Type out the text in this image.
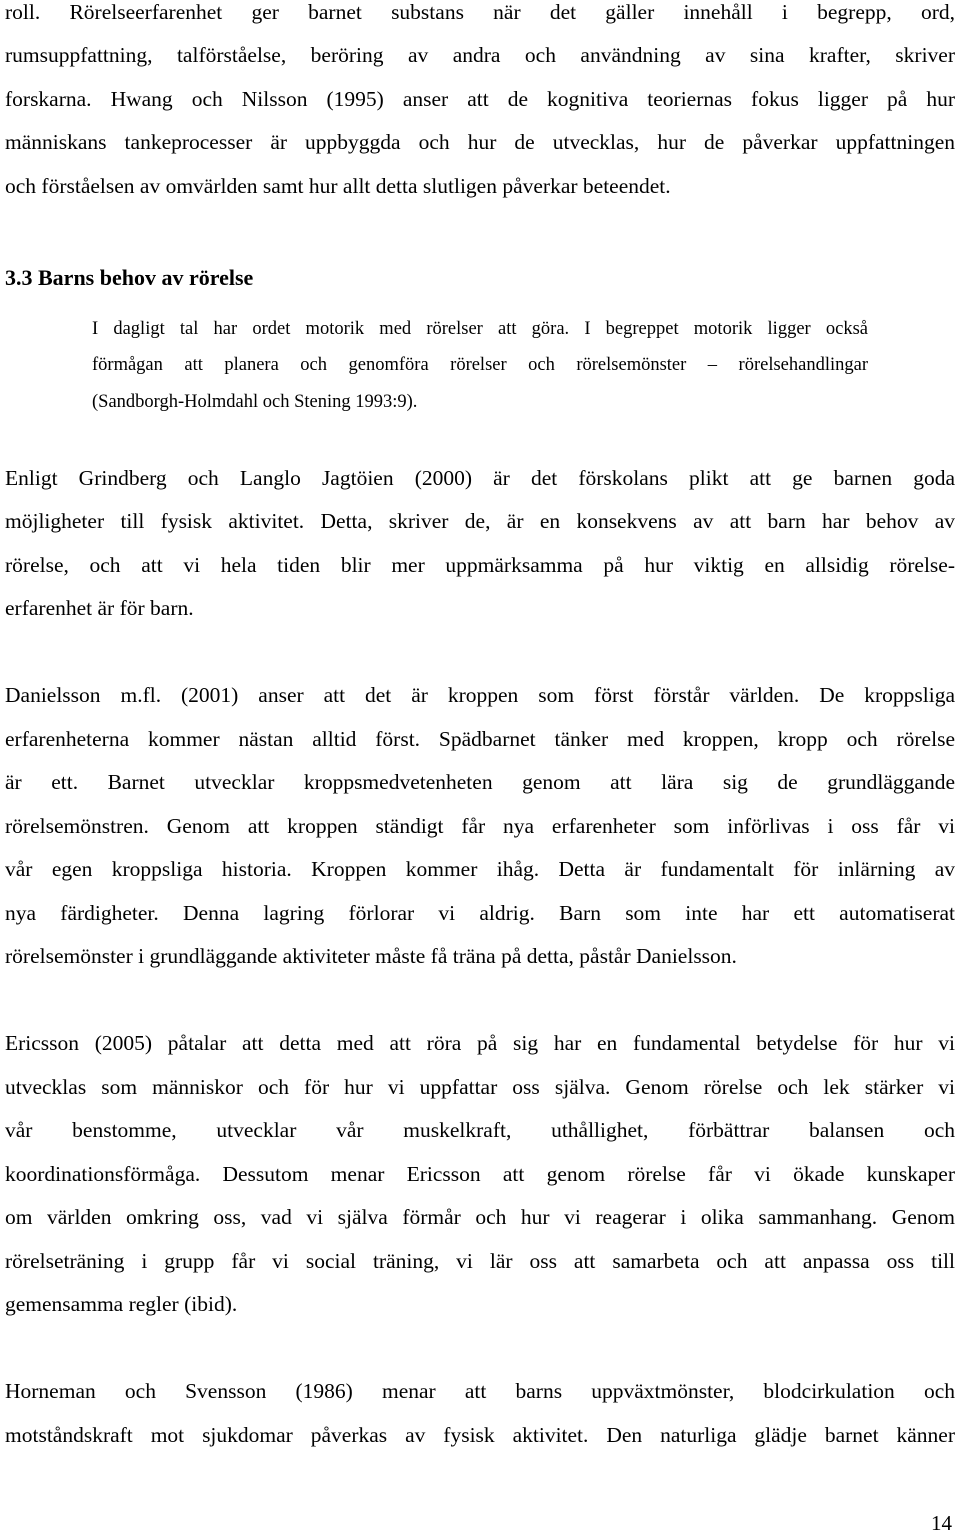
roll. Rörelseerfarenhet ger barnet substans när det gäller innehåll i begrepp, ord,

rumsuppfattning, talförståelse, beröring av andra och användning av sina krafter, skriver

forskarna. Hwang och Nilsson (1995) anser att de kognitiva teoriernas fokus ligger på hur

människans tankeprocesser är uppbyggda och hur de utvecklas, hur de påverkar uppfattningen

och förståelsen av omvärlden samt hur allt detta slutligen påverkar beteendet.

3.3 Barns behov av rörelse

I dagligt tal har ordet motorik med rörelser att göra. I begreppet motorik ligger också

förmågan att planera och genomföra rörelser och rörelsemönster – rörelsehandlingar

(Sandborgh-Holmdahl och Stening 1993:9).

Enligt Grindberg och Langlo Jagtöien (2000) är det förskolans plikt att ge barnen goda

möjligheter till fysisk aktivitet. Detta, skriver de, är en konsekvens av att barn har behov av

rörelse, och att vi hela tiden blir mer uppmärksamma på hur viktig en allsidig rörelse-

erfarenhet är för barn.

Danielsson m.fl. (2001) anser att det är kroppen som först förstår världen. De kroppsliga

erfarenheterna kommer nästan alltid först. Spädbarnet tänker med kroppen, kropp och rörelse

är ett. Barnet utvecklar kroppsmedvetenheten genom att lära sig de grundläggande

rörelsemönstren. Genom att kroppen ständigt får nya erfarenheter som införlivas i oss får vi

vår egen kroppsliga historia. Kroppen kommer ihåg. Detta är fundamentalt för inlärning av

nya färdigheter. Denna lagring förlorar vi aldrig. Barn som inte har ett automatiserat

rörelsemönster i grundläggande aktiviteter måste få träna på detta, påstår Danielsson.

Ericsson (2005) påtalar att detta med att röra på sig har en fundamental betydelse för hur vi

utvecklas som människor och för hur vi uppfattar oss själva. Genom rörelse och lek stärker vi

vår benstomme, utvecklar vår muskelkraft, uthållighet, förbättrar balansen och

koordinationsförmåga. Dessutom menar Ericsson att genom rörelse får vi ökade kunskaper

om världen omkring oss, vad vi själva förmår och hur vi reagerar i olika sammanhang. Genom

rörelseträning i grupp får vi social träning, vi lär oss att samarbeta och att anpassa oss till

gemensamma regler (ibid).

Horneman och Svensson (1986) menar att barns uppväxtmönster, blodcirkulation och

motståndskraft mot sjukdomar påverkas av fysisk aktivitet. Den naturliga glädje barnet känner

14
